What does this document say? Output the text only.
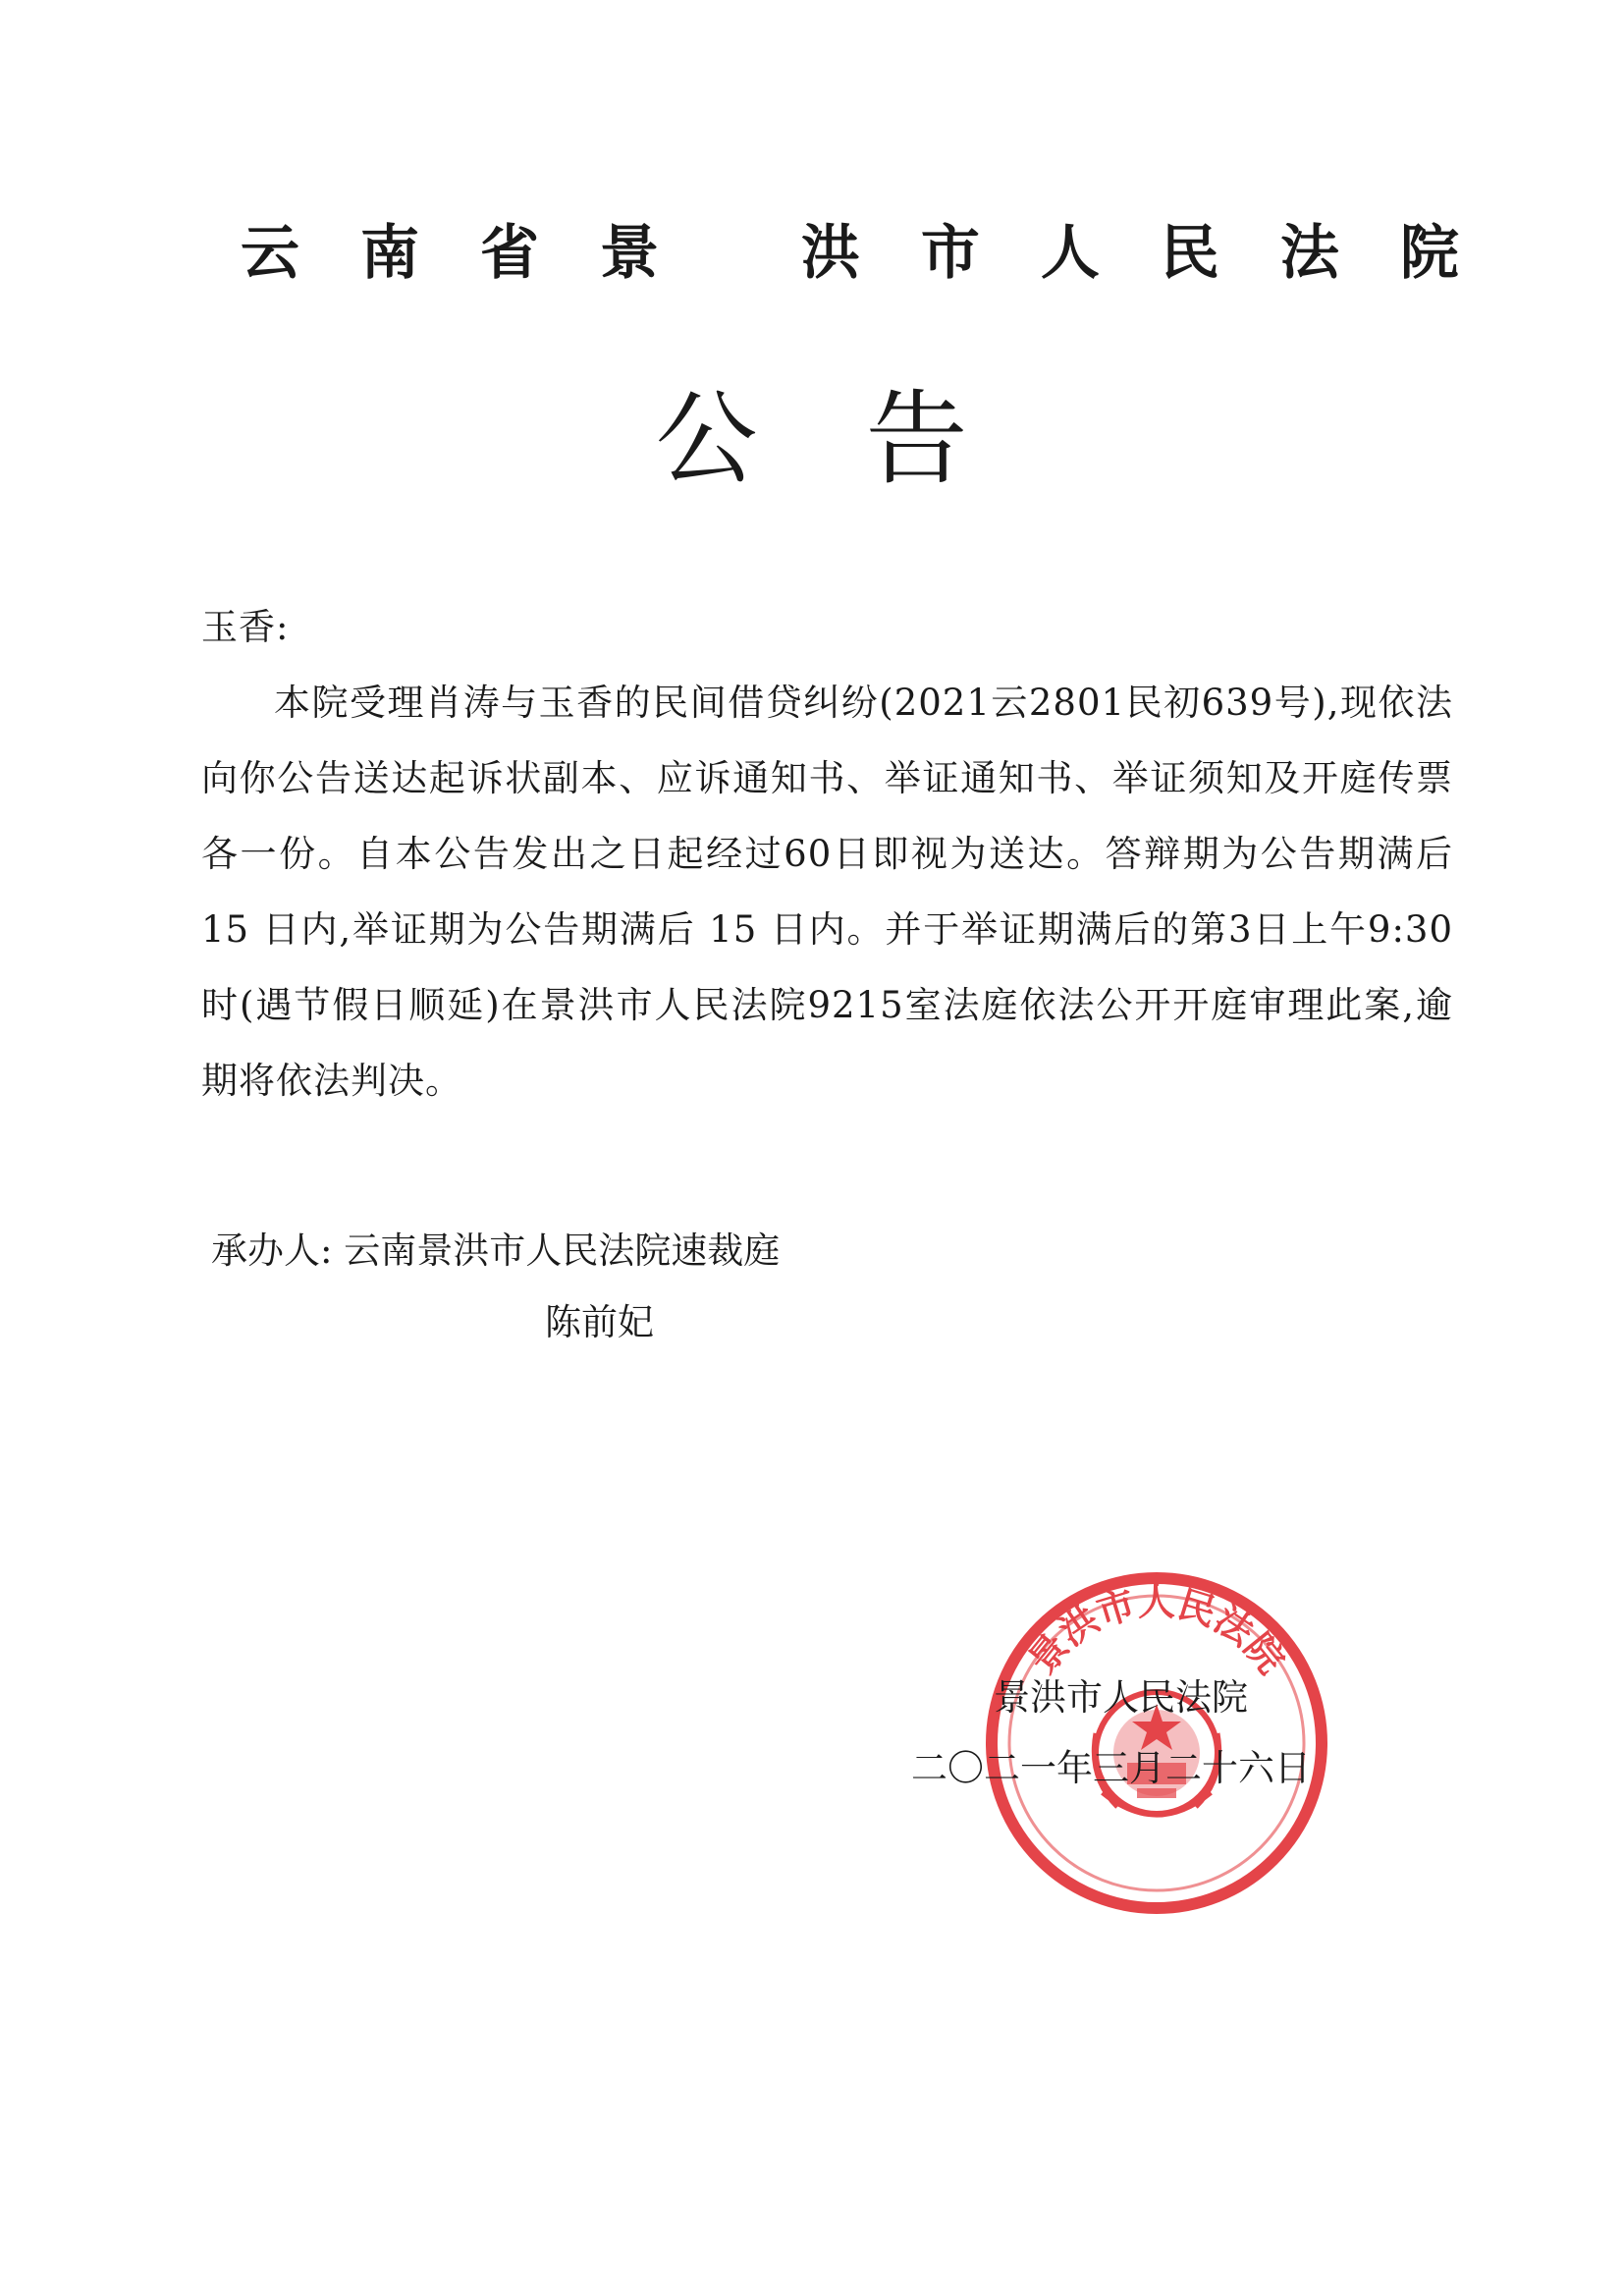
云南省景 洪市人民法院
公 告
玉香:
本院受理肖涛与玉香的民间借贷纠纷(2021云2801民初639号),现依法向你公告送达起诉状副本、应诉通知书、举证通知书、举证须知及开庭传票各一份。自本公告发出之日起经过60日即视为送达。答辩期为公告期满后 15 日内,举证期为公告期满后 15 日内。并于举证期满后的第3日上午9:30时(遇节假日顺延)在景洪市人民法院9215室法庭依法公开开庭审理此案,逾期将依法判决。
承办人: 云南景洪市人民法院速裁庭
陈前妃
景洪市人民法院
景洪市人民法院
二〇二一年三月二十六日
